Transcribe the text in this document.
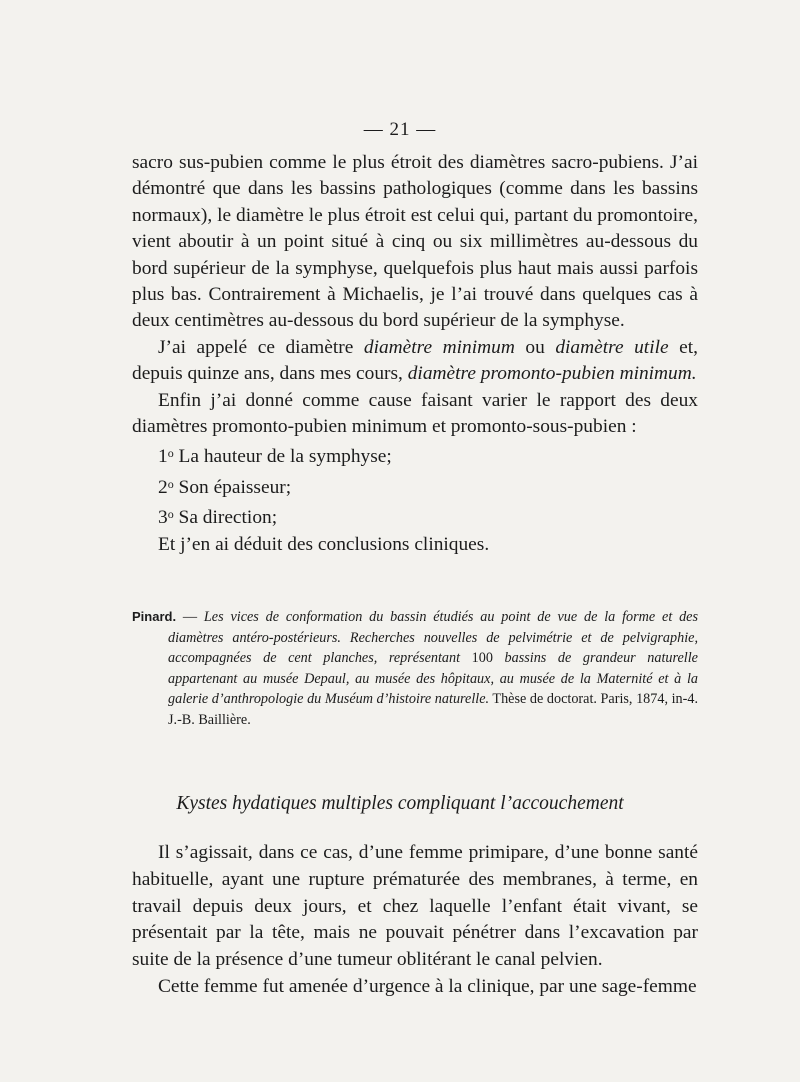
— 21 —

sacro sus-pubien comme le plus étroit des diamètres sacro-pubiens. J’ai démontré que dans les bassins pathologiques (comme dans les bassins normaux), le diamètre le plus étroit est celui qui, partant du promontoire, vient aboutir à un point situé à cinq ou six millimètres au-dessous du bord supérieur de la symphyse, quelquefois plus haut mais aussi parfois plus bas. Contrairement à Michaelis, je l’ai trouvé dans quelques cas à deux centimètres au-dessous du bord supérieur de la symphyse.

J’ai appelé ce diamètre diamètre minimum ou diamètre utile et, depuis quinze ans, dans mes cours, diamètre promonto-pubien minimum.

Enfin j’ai donné comme cause faisant varier le rapport des deux diamètres promonto-pubien minimum et promonto-sous-pubien :

1$^o$ La hauteur de la symphyse;

2$^o$ Son épaisseur;

3$^o$ Sa direction;

Et j’en ai déduit des conclusions cliniques.

Pinard. — Les vices de conformation du bassin étudiés au point de vue de la forme et des diamètres antéro-postérieurs. Recherches nouvelles de pelvimétrie et de pelvigraphie, accompagnées de cent planches, représentant 100 bassins de grandeur naturelle appartenant au musée Depaul, au musée des hôpitaux, au musée de la Maternité et à la galerie d’anthropologie du Muséum d’histoire naturelle. Thèse de doctorat. Paris, 1874, in-4. J.-B. Baillière.

Kystes hydatiques multiples compliquant l’accouchement

Il s’agissait, dans ce cas, d’une femme primipare, d’une bonne santé habituelle, ayant une rupture prématurée des membranes, à terme, en travail depuis deux jours, et chez laquelle l’enfant était vivant, se présentait par la tête, mais ne pouvait pénétrer dans l’excavation par suite de la présence d’une tumeur oblitérant le canal pelvien.

Cette femme fut amenée d’urgence à la clinique, par une sage-femme
